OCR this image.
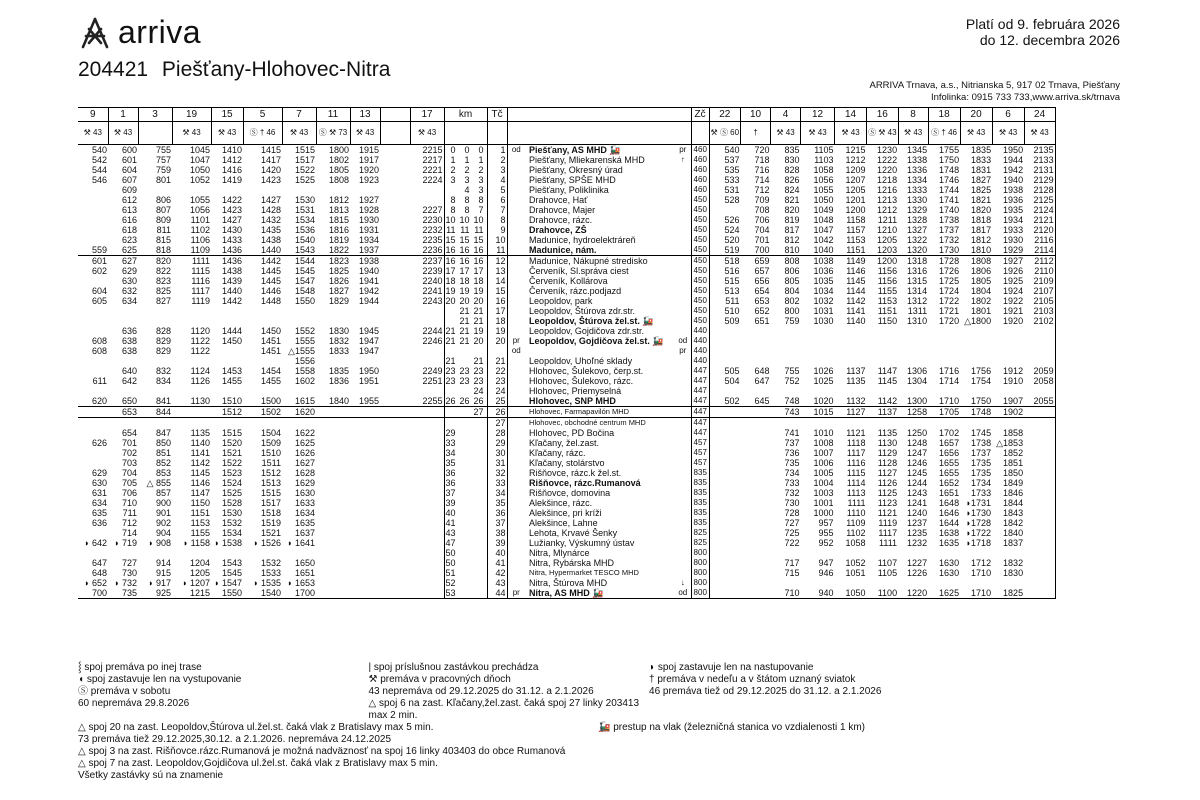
arriva	Platí od 9. februára 2026
do 12. decembra 2026
204421 Piešťany-Hlohovec-Nitra
ARRIVA Trnava, a.s., Nitrianska 5, 917 02 Trnava, Piešťany
Infolinka: 0915 733 733,www.arriva.sk/trnava
9	1	3	19	15	5	7	11	13		17	km			Tč				Zč	22	10	4	12	14	16	8	18	20	6	24
⚒ 43	⚒ 43		⚒ 43	⚒ 43	Ⓢ † 46	⚒ 43	Ⓢ ⚒ 73	⚒ 43		⚒ 43									⚒ Ⓢ 60	†	⚒ 43	⚒ 43	⚒ 43	Ⓢ ⚒ 43	⚒ 43	Ⓢ † 46	⚒ 43	⚒ 43	⚒ 43
540	600	755	1045	1410	1415	1515	1800	1915		2215	0	0	0	1	od	Piešťany, AS MHD 🚂	pr	460	540	720	835	1105	1215	1230	1345	1755	1835	1950	2135
542	601	757	1047	1412	1417	1517	1802	1917		2217	1	1	1	2		Piešťany, Mliekarenská MHD	↑	460	537	718	830	1103	1212	1222	1338	1750	1833	1944	2133
544	604	759	1050	1416	1420	1522	1805	1920		2221	2	2	2	3		Piešťany, Okresný úrad		460	535	716	828	1058	1209	1220	1336	1748	1831	1942	2131
546	607	801	1052	1419	1423	1525	1808	1923		2224	3	3	3	4		Piešťany, SPŠE MHD		460	533	714	826	1056	1207	1218	1334	1746	1827	1940	2129
	609											4	3	5		Piešťany, Poliklinika		460	531	712	824	1055	1205	1216	1333	1744	1825	1938	2128
	612	806	1055	1422	1427	1530	1812	1927			8	8	8	6		Drahovce, Hať		450	528	709	821	1050	1201	1213	1330	1741	1821	1936	2125
	613	807	1056	1423	1428	1531	1813	1928		2227	8	8	7	7		Drahovce, Majer		450		708	820	1049	1200	1212	1329	1740	1820	1935	2124
	616	809	1101	1427	1432	1534	1815	1930		2230	10	10	10	8		Drahovce, rázc.		450	526	706	819	1048	1158	1211	1328	1738	1818	1934	2121
	618	811	1102	1430	1435	1536	1816	1931		2232	11	11	11	9		Drahovce, ZŠ		450	524	704	817	1047	1157	1210	1327	1737	1817	1933	2120
	623	815	1106	1433	1438	1540	1819	1934		2235	15	15	15	10		Madunice, hydroelektráreň		450	520	701	812	1042	1153	1205	1322	1732	1812	1930	2116
559	625	818	1109	1436	1440	1543	1822	1937		2236	16	16	16	11		Madunice, nám.		450	519	700	810	1040	1151	1203	1320	1730	1810	1929	2114
601	627	820	1111	1436	1442	1544	1823	1938		2237	16	16	16	12		Madunice, Nákupné stredisko		450	518	659	808	1038	1149	1200	1318	1728	1808	1927	2112
602	629	822	1115	1438	1445	1545	1825	1940		2239	17	17	17	13		Červeník, Sl.správa ciest		450	516	657	806	1036	1146	1156	1316	1726	1806	1926	2110
	630	823	1116	1439	1445	1547	1826	1941		2240	18	18	18	14		Červeník, Kollárova		450	515	656	805	1035	1145	1156	1315	1725	1805	1925	2109
604	632	825	1117	1440	1446	1548	1827	1942		2241	19	19	19	15		Červeník, rázc.podjazd		450	513	654	804	1034	1144	1155	1314	1724	1804	1924	2107
605	634	827	1119	1442	1448	1550	1829	1944		2243	20	20	20	16		Leopoldov, park		450	511	653	802	1032	1142	1153	1312	1722	1802	1922	2105
												21	21	17		Leopoldov, Štúrova zdr.str.		450	510	652	800	1031	1141	1151	1311	1721	1801	1921	2103
												21	21	18		Leopoldov, Štúrova žel.st. 🚂		450	509	651	759	1030	1140	1150	1310	1720	△1800	1920	2102
	636	828	1120	1444	1450	1552	1830	1945		2244	21	21	19	19		Leopoldov, Gojdičova zdr.str.		440											
608	638	829	1122	1450	1451	1555	1832	1947		2246	21	21	20	20	pr	Leopoldov, Gojdičova žel.st. 🚂	od	440											
608	638	829	1122		1451	△1555	1833	1947							od		pr	440											
						1556					21		21	21		Leopoldov, Uhoľné sklady		440											
	640	832	1124	1453	1454	1558	1835	1950		2249	23	23	23	22		Hlohovec, Šulekovo, čerp.st.		447	505	648	755	1026	1137	1147	1306	1716	1756	1912	2059
611	642	834	1126	1455	1455	1602	1836	1951		2251	23	23	23	23		Hlohovec, Šulekovo, rázc.		447	504	647	752	1025	1135	1145	1304	1714	1754	1910	2058
													24	24		Hlohovec, Priemyselná		447											
620	650	841	1130	1510	1500	1615	1840	1955		2255	26	26	26	25		Hlohovec, SNP MHD		447	502	645	748	1020	1132	1142	1300	1710	1750	1907	2055
	653	844		1512	1502	1620							27	26		Hlohovec, Farmapavilón MHD		447			743	1015	1127	1137	1258	1705	1748	1902	
														27		Hlohovec, obchodné centrum MHD		447											
	654	847	1135	1515	1504	1622					29			28		Hlohovec, PD Bočina		447			741	1010	1121	1135	1250	1702	1745	1858	
626	701	850	1140	1520	1509	1625					33			29		Kľačany, žel.zast.		457			737	1008	1118	1130	1248	1657	1738	△1853	
	702	851	1141	1521	1510	1626					34			30		Kľačany, rázc.		457			736	1007	1117	1129	1247	1656	1737	1852	
	703	852	1142	1522	1511	1627					35			31		Kľačany, stolárstvo		457			735	1006	1116	1128	1246	1655	1735	1851	
629	704	853	1145	1523	1512	1628					36			32		Rišňovce, rázc.k žel.st.		835			734	1005	1115	1127	1245	1655	1735	1850	
630	705	△ 855	1146	1524	1513	1629					36			33		Rišňovce, rázc.Rumanová		835			733	1004	1114	1126	1244	1652	1734	1849	
631	706	857	1147	1525	1515	1630					37			34		Rišňovce, domovina		835			732	1003	1113	1125	1243	1651	1733	1846	
634	710	900	1150	1528	1517	1633					39			35		Alekšince, rázc.		835			730	1001	1111	1123	1241	1648	◗1731	1844	
635	711	901	1151	1530	1518	1634					40			36		Alekšince, pri kríži		835			728	1000	1110	1121	1240	1646	◗1730	1843	
636	712	902	1153	1532	1519	1635					41			37		Alekšince, Lahne		835			727	957	1109	1119	1237	1644	◗1728	1842	
	714	904	1155	1534	1521	1637					43			38		Lehota, Krvavé Šenky		825			725	955	1102	1117	1235	1638	◗1722	1840	
◗ 642	◗ 719	◗ 908	◗ 1158	◗ 1538	◗ 1526	◗ 1641					47			39		Lužianky, Výskumný ústav		825			722	952	1058	1111	1232	1635	◗1718	1837	
											50			40		Nitra, Mlynárce		800											
647	727	914	1204	1543	1532	1650					50			41		Nitra, Rybárska MHD		800			717	947	1052	1107	1227	1630	1712	1832	
648	730	915	1205	1545	1533	1651					51			42		Nitra, Hypermarket TESCO MHD		800			715	946	1051	1105	1226	1630	1710	1830	
◗ 652	◗ 732	◗ 917	◗ 1207	◗ 1547	◗ 1535	◗ 1653					52			43		Nitra, Štúrova MHD	↓	800											
700	735	925	1215	1550	1540	1700					53			44	pr	Nitra, AS MHD 🚂	od	800			710	940	1050	1100	1220	1625	1710	1825	
⸾ spoj premáva po inej trase	| spoj príslušnou zastávkou prechádza	◗ spoj zastavuje len na nastupovanie
◖ spoj zastavuje len na vystupovanie	⚒ premáva v pracovných dňoch	† premáva v nedeľu a v štátom uznaný sviatok
Ⓢ premáva v sobotu	43 nepremáva od 29.12.2025 do 31.12. a 2.1.2026	46 premáva tiež od 29.12.2025 do 31.12. a 2.1.2026
60 nepremáva 29.8.2026	△ spoj 6 na zast. Kľačany,žel.zast. čaká spoj 27 linky 203413 max 2 min.
△ spoj 20 na zast. Leopoldov,Štúrova ul.žel.st. čaká vlak z Bratislavy max 5 min.	🚂 prestup na vlak (železničná stanica vo vzdialenosti 1 km)
73 premáva tiež 29.12.2025,30.12. a 2.1.2026. nepremáva 24.12.2025
△ spoj 3 na zast. Rišňovce.rázc.Rumanová je možná nadväznosť na spoj 16 linky 403403 do obce Rumanová
△ spoj 7 na zast. Leopoldov,Gojdičova ul.žel.st. čaká vlak z Bratislavy max 5 min.
Všetky zastávky sú na znamenie
